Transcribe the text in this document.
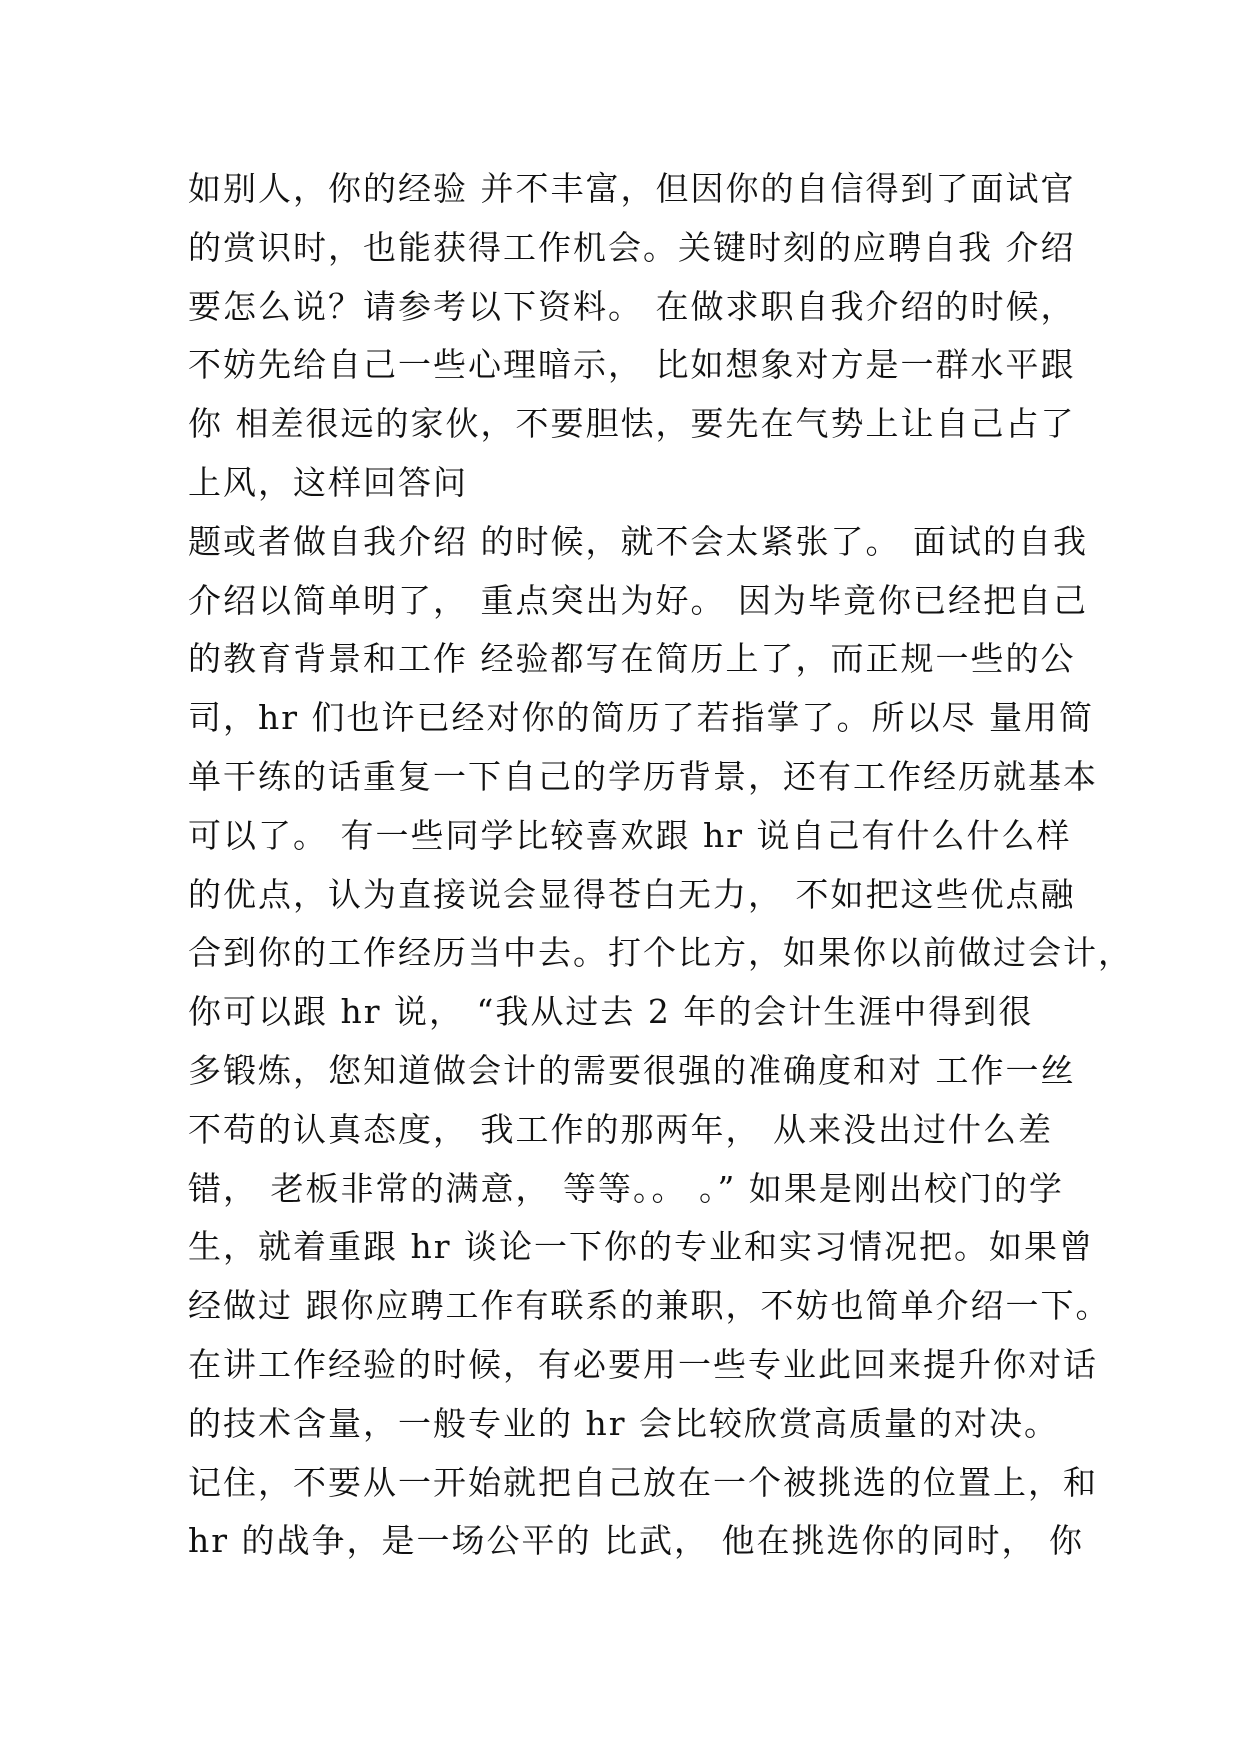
如别人，你的经验 并不丰富，但因你的自信得到了面试官
的赏识时，也能获得工作机会。关键时刻的应聘自我 介绍
要怎么说？请参考以下资料。 在做求职自我介绍的时候，
不妨先给自己一些心理暗示， 比如想象对方是一群水平跟
你 相差很远的家伙，不要胆怯，要先在气势上让自己占了
上风，这样回答问
题或者做自我介绍 的时候，就不会太紧张了。 面试的自我
介绍以简单明了， 重点突出为好。 因为毕竟你已经把自己
的教育背景和工作 经验都写在简历上了，而正规一些的公
司，hr 们也许已经对你的简历了若指掌了。所以尽 量用简
单干练的话重复一下自己的学历背景，还有工作经历就基本
可以了。 有一些同学比较喜欢跟 hr 说自己有什么什么样
的优点，认为直接说会显得苍白无力， 不如把这些优点融
合到你的工作经历当中去。打个比方，如果你以前做过会计，
你可以跟 hr 说， “我从过去 2 年的会计生涯中得到很
多锻炼，您知道做会计的需要很强的准确度和对 工作一丝
不苟的认真态度， 我工作的那两年， 从来没出过什么差
错， 老板非常的满意， 等等。。 。” 如果是刚出校门的学
生，就着重跟 hr 谈论一下你的专业和实习情况把。如果曾
经做过 跟你应聘工作有联系的兼职，不妨也简单介绍一下。
在讲工作经验的时候，有必要用一些专业此回来提升你对话
的技术含量，一般专业的 hr 会比较欣赏高质量的对决。
记住，不要从一开始就把自己放在一个被挑选的位置上，和
hr 的战争，是一场公平的 比武， 他在挑选你的同时， 你
